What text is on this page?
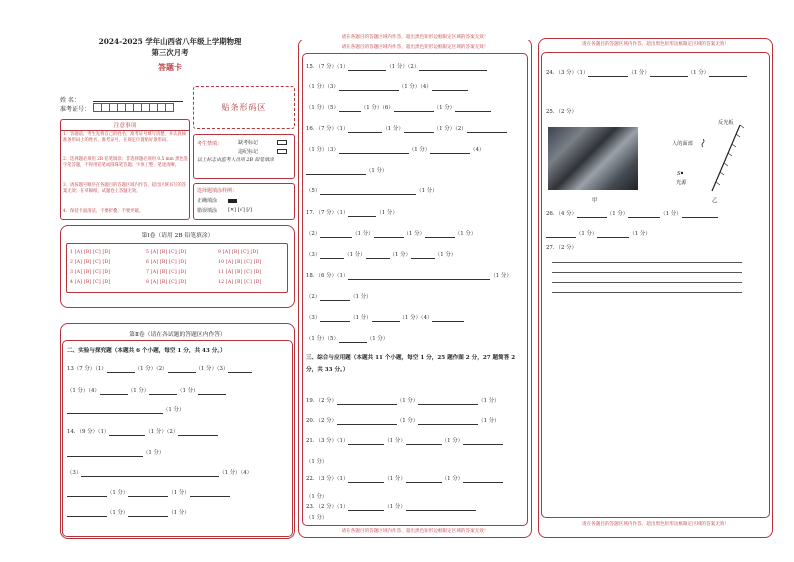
2024-2025 学年山西省八年级上学期物理
第三次月考
答题卡
姓 名：
准考证号：	贴条形码区
注意事项
1．答题前，考生先将自己的姓名、准考证号填写清楚，并认真核准条形码上的姓名、准考证号，在规定位置贴好条形码。
2．选择题必须用 2B 铅笔填涂；非选择题必须用 0.5 mm 黑色签字笔答题，不得用铅笔或圆珠笔答题；字体工整、笔迹清晰。
3．请按题号顺序在各题目的答题区域内作答，超出区域书写的答案无效；在草稿纸、试题卷上答题无效。
4．保持卡面清洁，不要折叠，不要弄破。
考生禁填：	缺考标记
违纪标记
以上标志由监考人员用 2B 铅笔填涂
选择题填涂样例：
正确填涂
错误填涂 [✕] [√] [/]
第Ⅰ卷（请用 2B 铅笔填涂）
1 [A] [B] [C] [D]	5 [A] [B] [C] [D]	9 [A] [B] [C] [D]
2 [A] [B] [C] [D]	6 [A] [B] [C] [D]	10 [A] [B] [C] [D]
3 [A] [B] [C] [D]	7 [A] [B] [C] [D]	11 [A] [B] [C] [D]
4 [A] [B] [C] [D]	8 [A] [B] [C] [D]	12 [A] [B] [C] [D]
第Ⅱ卷（请在各试题的答题区内作答）
二、实验与探究题（本题共 6 个小题，每空 1 分，共 43 分。）
13（7 分）（1）	（1 分）（2）	（1 分）（3）
（1 分）（4）	（1 分）	（1 分）
（1 分）
14．（9 分）（1）	（1 分）（2）
（1 分）
（3）	（1 分）（4）
（1 分）	（1 分）
（1 分）	（1 分）
请在各题目的答题区域内作答，超出黑色矩形边框限定区域的答案无效！
请在各题目的答题区域内作答，超出黑色矩形边框限定区域的答案无效！
15．（7 分）（1）	（1 分）（2）
（1 分）（3）	（1 分）（4）
（1 分）（5）	（1 分）（6）	（1 分）
16．（7 分）（1）	（1 分）	（1 分）（2）
（1 分）（3）	（1 分）	（4）
（1 分）
（5）	（1 分）
17．（7 分）（1）	（1 分）
（2）	（1 分）	（1 分）	（1 分）
（3）	（1 分）	（1 分）	（1 分）
18．（6 分）（1）	（1 分）
（2）	（1 分）
（3）	（1 分）	（1 分）（4）
（1 分）（5）	（1 分）
三、综合与应用题（本题共 11 个小题，每空 1 分，25 题作图 2 分，27 题简答 2 分，共 33 分。）
19．（2 分）	（1 分）	（1 分）
20．（2 分）	（1 分）	（1 分）
21．（3 分）（1）	（1 分）	（1 分）
（1 分）
22．（3 分）（1）	（1 分）	（1 分）
（1 分）
23．（2 分）（1）	（1 分）
（1 分）
请在各题目的答题区域内作答，超出黑色矩形边框限定区域的答案无效！
请在各题目的答题区域内作答，超出黑色矩形边框限定区域的答案无效！
24．（3 分）（1）	（1 分）	（1 分）
25．（2 分）
反光板
人的面部
S•
光源
甲	乙
26．（4 分）	（1 分）	（1 分）
（1 分）	（1 分）
27．（2 分）
请在各题目的答题区域内作答，超出黑色矩形边框限定区域的答案无效！
